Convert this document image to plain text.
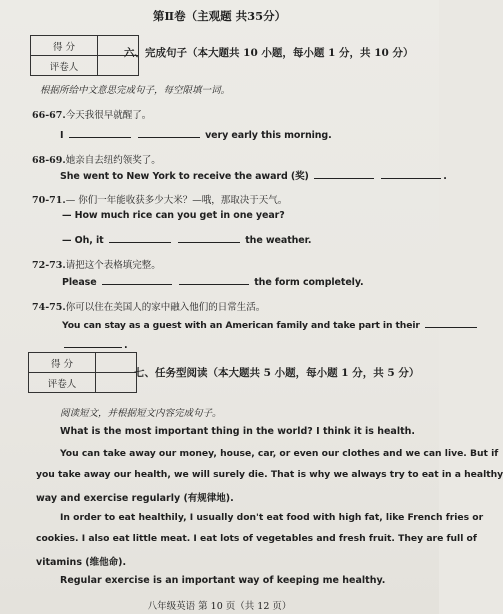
第Ⅱ卷（主观题 共35分）
得 分	
评卷人	
六、完成句子（本大题共 10 小题，每小题 1 分，共 10 分）
根据所给中文意思完成句子，每空限填一词。
66-67.今天我很早就醒了。
I	very early this morning.
68-69.她亲自去纽约领奖了。
She went to New York to receive the award (奖)	.
70-71.— 你们一年能收获多少大米？—哦，那取决于天气。
— How much rice can you get in one year?
— Oh, it	the weather.
72-73.请把这个表格填完整。
Please	the form completely.
74-75.你可以住在美国人的家中融入他们的日常生活。
You can stay as a guest with an American family and take part in their
.
得 分	
评卷人	
七、任务型阅读（本大题共 5 小题，每小题 1 分，共 5 分）
阅读短文，并根据短文内容完成句子。
What is the most important thing in the world? I think it is health.
You can take away our money, house, car, or even our clothes and we can live. But if
you take away our health, we will surely die. That is why we always try to eat in a healthy
way and exercise regularly (有规律地).
In order to eat healthily, I usually don't eat food with high fat, like French fries or
cookies. I also eat little meat. I eat lots of vegetables and fresh fruit. They are full of
vitamins (维他命).
Regular exercise is an important way of keeping me healthy.
八年级英语 第 10 页（共 12 页）
